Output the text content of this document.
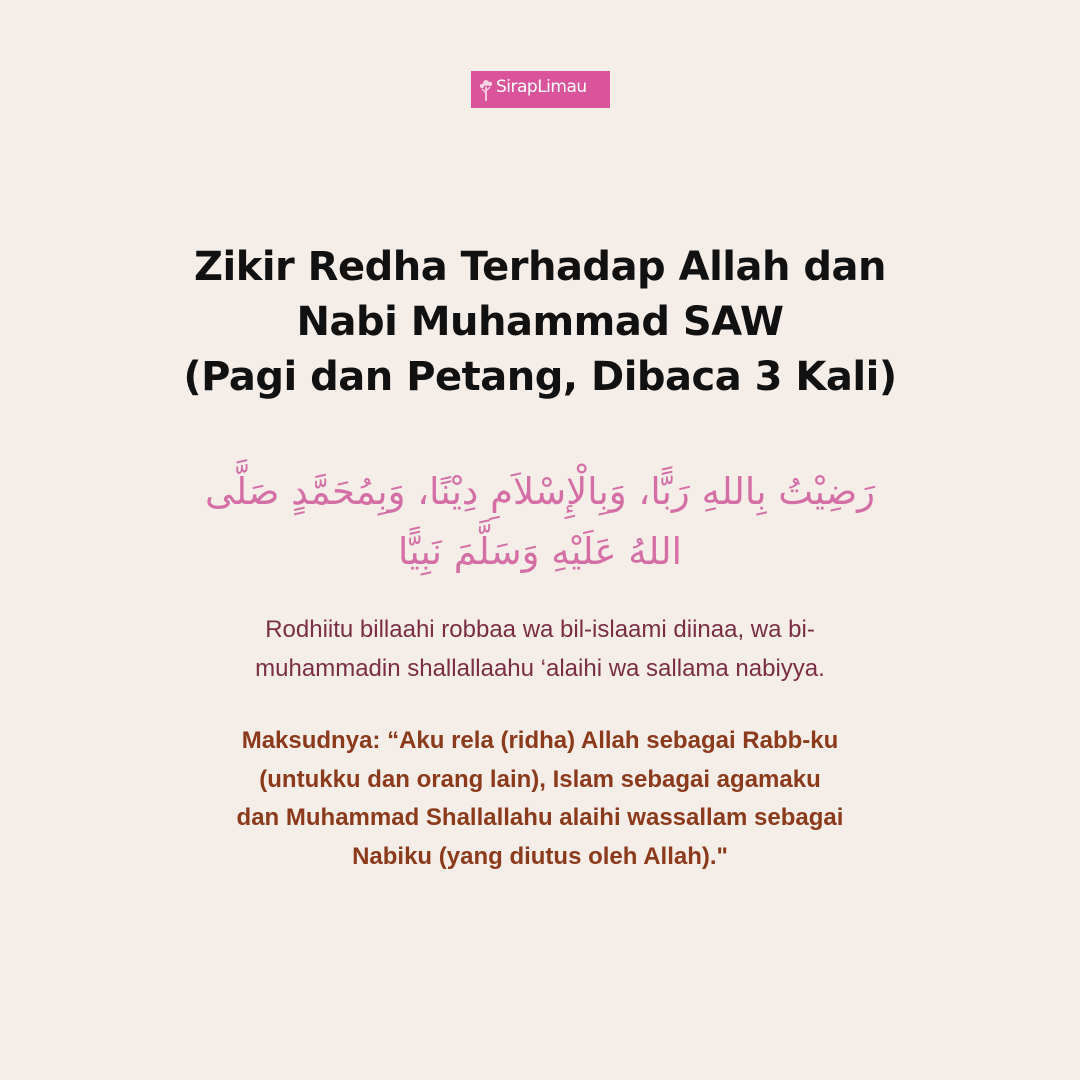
SirapLimau
Zikir Redha Terhadap Allah dan
Nabi Muhammad SAW
(Pagi dan Petang, Dibaca 3 Kali)
رَضِيْتُ بِاللهِ رَبًّا، وَبِالْإِسْلاَمِ دِيْنًا، وَبِمُحَمَّدٍ صَلَّى
اللهُ عَلَيْهِ وَسَلَّمَ نَبِيًّا
Rodhiitu billaahi robbaa wa bil-islaami diinaa, wa bi-
muhammadin shallallaahu ‘alaihi wa sallama nabiyya.
Maksudnya: “Aku rela (ridha) Allah sebagai Rabb-ku
(untukku dan orang lain), Islam sebagai agamaku
dan Muhammad Shallallahu alaihi wassallam sebagai
Nabiku (yang diutus oleh Allah)."
